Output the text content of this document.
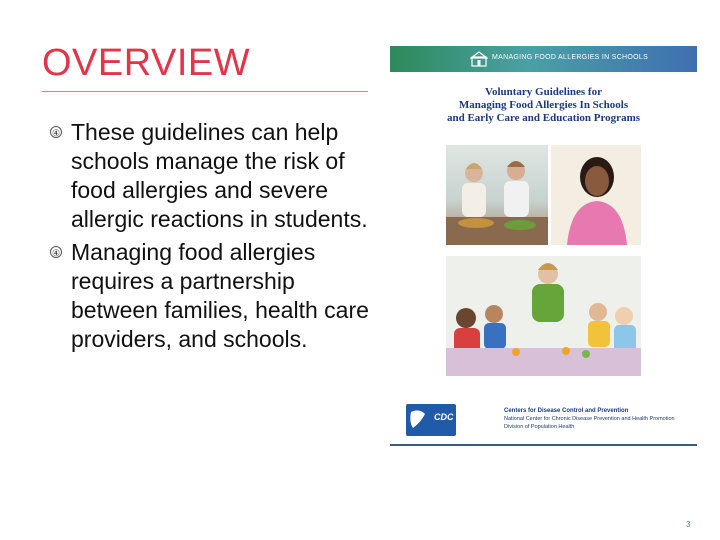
OVERVIEW
④ These guidelines can help schools manage the risk of food allergies and severe allergic reactions in students.
④ Managing food allergies requires a partnership between families, health care providers, and schools.
MANAGING FOOD ALLERGIES IN SCHOOLS
Voluntary Guidelines for
Managing Food Allergies In Schools
and Early Care and Education Programs
CDC
Centers for Disease Control and Prevention
National Center for Chronic Disease Prevention and Health Promotion
Division of Population Health
3
